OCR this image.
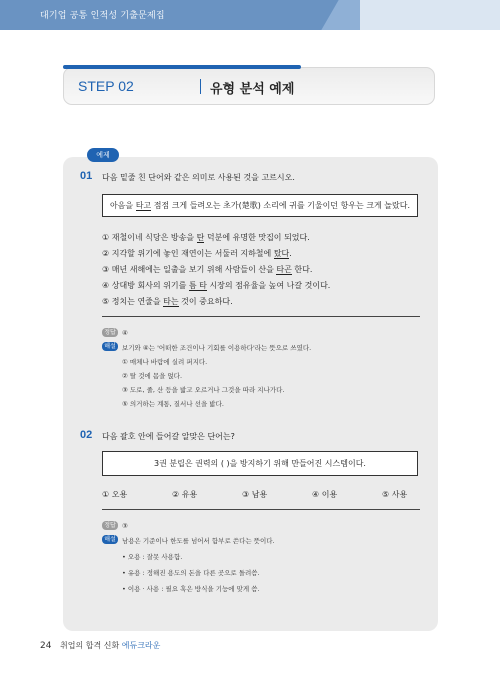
대기업 공통 인적성 기출문제집
STEP 02	유형 분석 예제
예제
01 다음 밑줄 친 단어와 같은 의미로 사용된 것을 고르시오.
아음을 타고 점점 크게 들려오는 초가(楚歌) 소리에 귀를 기울이던 항우는 크게 놀랐다.
① 재철이네 식당은 방송을 탄 덕분에 유명한 맛집이 되었다.
② 지각할 위기에 놓인 재연이는 서둘러 지하철에 탔다.
③ 매년 새해에는 일출을 보기 위해 사람들이 산을 타곤 한다.
④ 상대방 회사의 위기를 틈 타 시장의 점유율을 높여 나갈 것이다.
⑤ 정치는 연줄을 타는 것이 중요하다.
정답 ④
해설 보기와 ④는 '어떠한 조건이나 기회를 이용하다'라는 뜻으로 쓰였다.
① 매체나 바람에 실려 퍼지다.
② 탈 것에 몸을 얹다.
③ 도로, 줄, 산 등을 밟고 오르거나 그것을 따라 지나가다.
⑤ 의거하는 계통, 질서나 선을 밟다.
02 다음 괄호 안에 들어갈 알맞은 단어는?
3권 분립은 권력의 ( )을 방지하기 위해 만들어진 시스템이다.
① 오용	② 유용	③ 남용	④ 이용	⑤ 사용
정답 ③
해설 남용은 기준이나 한도를 넘어서 함부로 쓴다는 뜻이다.
• 오용 : 잘못 사용함.
• 유용 : 정해진 용도의 돈을 다른 곳으로 돌려씀.
• 이용 · 사용 : 필요 혹은 방식을 기능에 맞게 씀.
24 취업의 합격 신화 에듀크라운
